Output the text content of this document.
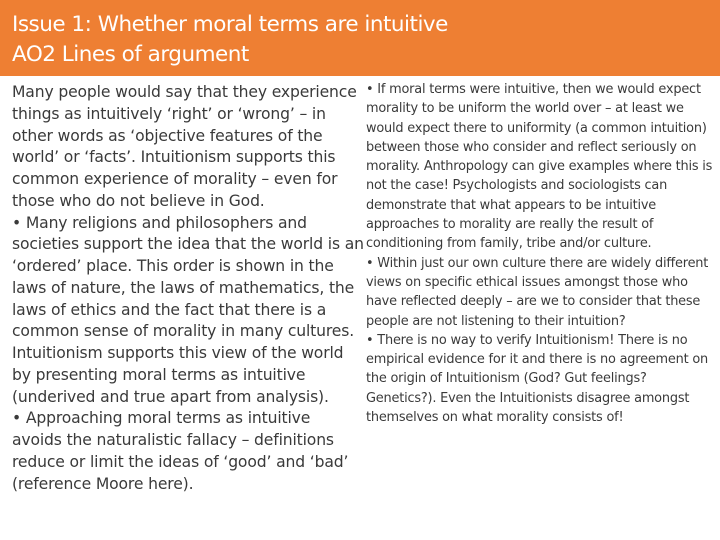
Issue 1: Whether moral terms are intuitive
AO2 Lines of argument

Many people would say that they experience things as intuitively ‘right’ or ‘wrong’ – in other words as ‘objective features of the world’ or ‘facts’. Intuitionism supports this common experience of morality – even for those who do not believe in God.

• Many religions and philosophers and societies support the idea that the world is an ‘ordered’ place. This order is shown in the laws of nature, the laws of mathematics, the laws of ethics and the fact that there is a common sense of morality in many cultures. Intuitionism supports this view of the world by presenting moral terms as intuitive (underived and true apart from analysis).

• Approaching moral terms as intuitive avoids the naturalistic fallacy – definitions reduce or limit the ideas of ‘good’ and ‘bad’ (reference Moore here).

• If moral terms were intuitive, then we would expect morality to be uniform the world over – at least we would expect there to uniformity (a common intuition) between those who consider and reflect seriously on morality. Anthropology can give examples where this is not the case! Psychologists and sociologists can demonstrate that what appears to be intuitive approaches to morality are really the result of conditioning from family, tribe and/or culture.

• Within just our own culture there are widely different views on specific ethical issues amongst those who have reflected deeply – are we to consider that these people are not listening to their intuition?

• There is no way to verify Intuitionism! There is no empirical evidence for it and there is no agreement on the origin of Intuitionism (God? Gut feelings? Genetics?). Even the Intuitionists disagree amongst themselves on what morality consists of!
